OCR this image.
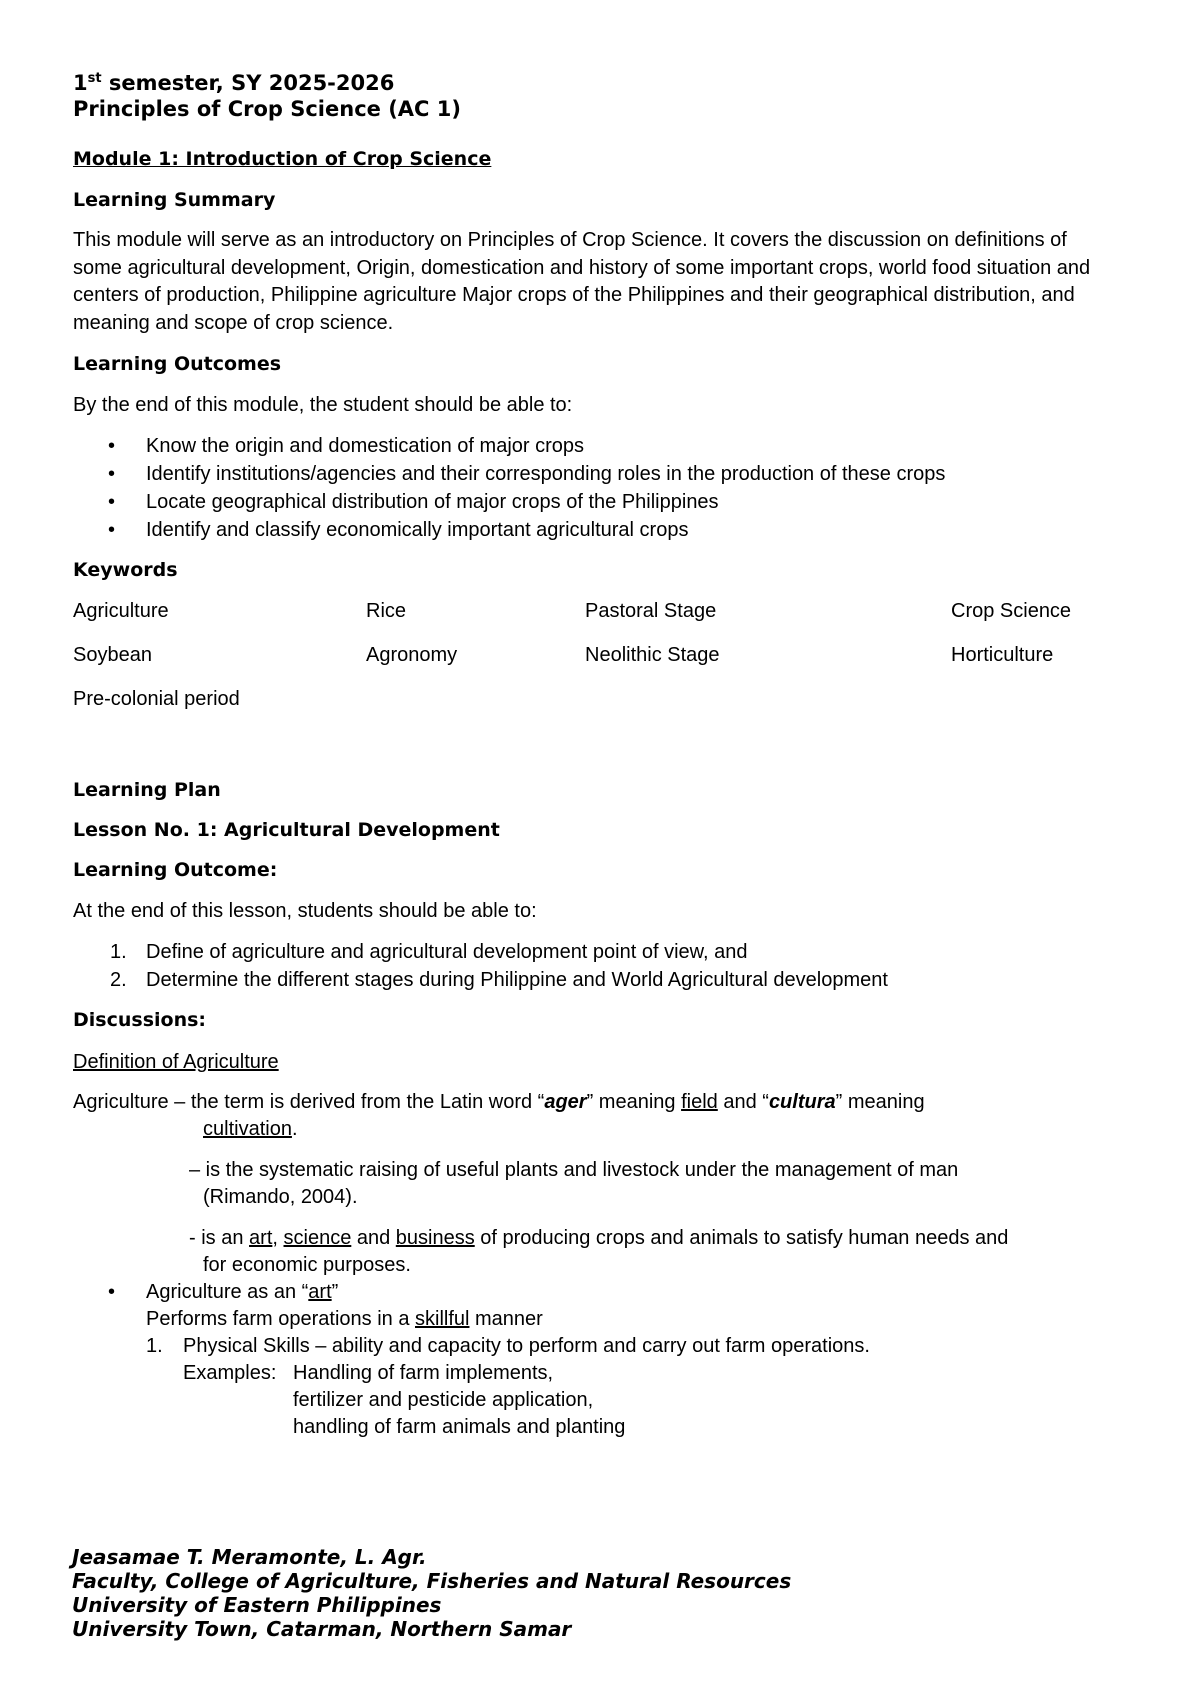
1st semester, SY 2025-2026
Principles of Crop Science (AC 1)
Module 1: Introduction of Crop Science
Learning Summary

This module will serve as an introductory on Principles of Crop Science. It covers the discussion on definitions of some agricultural development, Origin, domestication and history of some important crops, world food situation and centers of production, Philippine agriculture Major crops of the Philippines and their geographical distribution, and meaning and scope of crop science.

Learning Outcomes

By the end of this module, the student should be able to:

• Know the origin and domestication of major crops
• Identify institutions/agencies and their corresponding roles in the production of these crops
• Locate geographical distribution of major crops of the Philippines
• Identify and classify economically important agricultural crops
Keywords
Agriculture	Rice	Pastoral Stage	Crop Science
Soybean	Agronomy	Neolithic Stage	Horticulture
Pre-colonial period
Learning Plan
Lesson No. 1: Agricultural Development
Learning Outcome:

At the end of this lesson, students should be able to:

1. Define of agriculture and agricultural development point of view, and
2. Determine the different stages during Philippine and World Agricultural development
Discussions:
Definition of Agriculture
Agriculture – the term is derived from the Latin word “ager” meaning field and “cultura” meaning
cultivation.
– is the systematic raising of useful plants and livestock under the management of man
(Rimando, 2004).
- is an art, science and business of producing crops and animals to satisfy human needs and
for economic purposes.
• Agriculture as an “art”
Performs farm operations in a skillful manner
1. Physical Skills – ability and capacity to perform and carry out farm operations.
Examples: Handling of farm implements,
fertilizer and pesticide application,
handling of farm animals and planting
Jeasamae T. Meramonte, L. Agr.
Faculty, College of Agriculture, Fisheries and Natural Resources
University of Eastern Philippines
University Town, Catarman, Northern Samar
